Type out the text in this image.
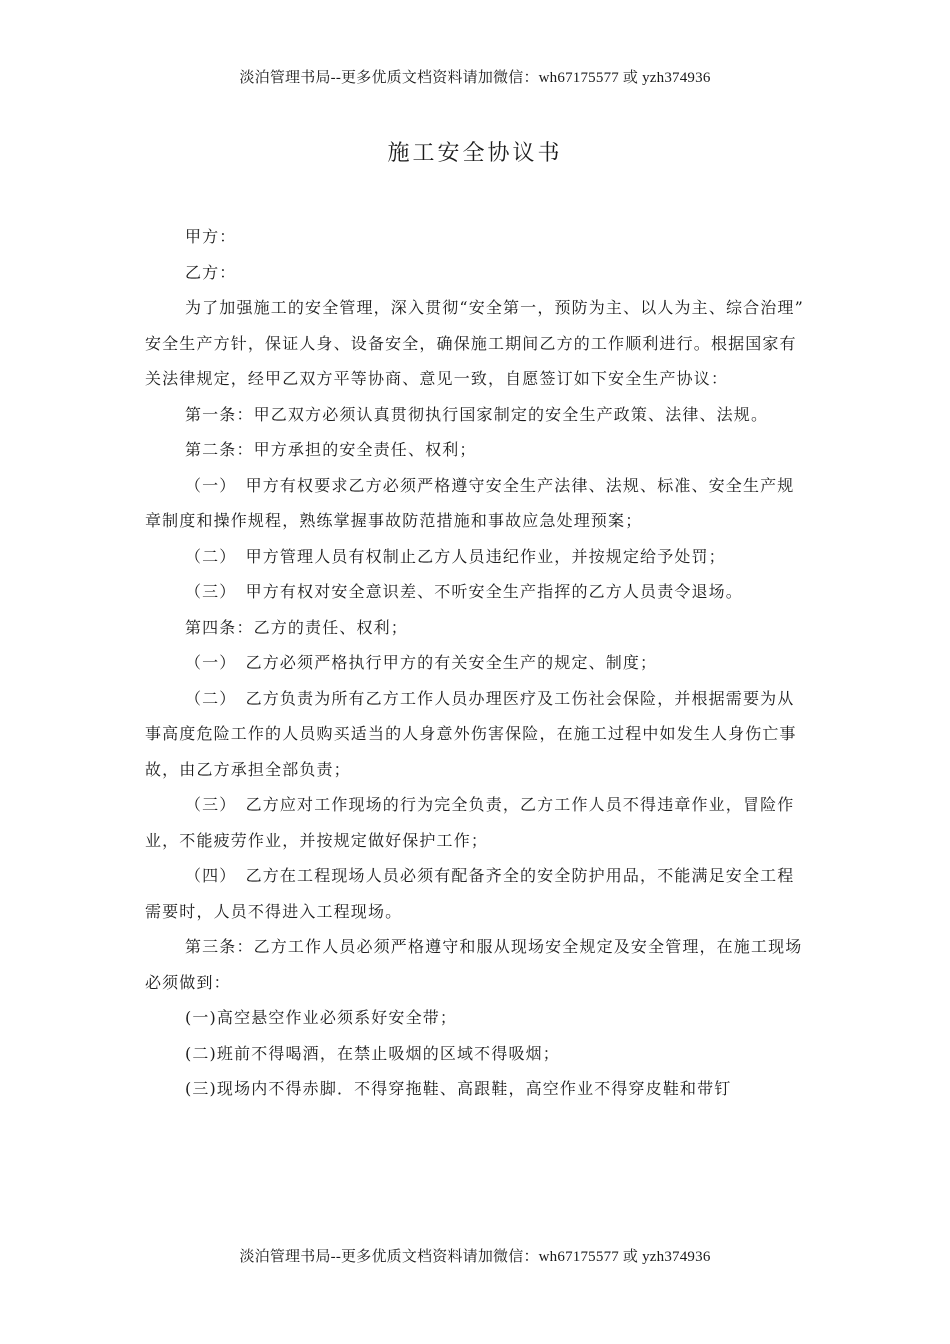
淡泊管理书局--更多优质文档资料请加微信：wh67175577 或 yzh374936
施工安全协议书

甲方：

乙方：

为了加强施工的安全管理，深入贯彻“安全第一，预防为主、以人为主、综合治理”

安全生产方针，保证人身、设备安全，确保施工期间乙方的工作顺利进行。根据国家有关法律规定，经甲乙双方平等协商、意见一致，自愿签订如下安全生产协议：

第一条：甲乙双方必须认真贯彻执行国家制定的安全生产政策、法律、法规。

第二条：甲方承担的安全责任、权利；

（一）　甲方有权要求乙方必须严格遵守安全生产法律、法规、标准、安全生产规章制度和操作规程，熟练掌握事故防范措施和事故应急处理预案；

（二）　甲方管理人员有权制止乙方人员违纪作业，并按规定给予处罚；

（三）　甲方有权对安全意识差、不听安全生产指挥的乙方人员责令退场。

第四条：乙方的责任、权利；

（一）　乙方必须严格执行甲方的有关安全生产的规定、制度；

（二）　乙方负责为所有乙方工作人员办理医疗及工伤社会保险，并根据需要为从事高度危险工作的人员购买适当的人身意外伤害保险，在施工过程中如发生人身伤亡事故，由乙方承担全部负责；

（三）　乙方应对工作现场的行为完全负责，乙方工作人员不得违章作业，冒险作业，不能疲劳作业，并按规定做好保护工作；

（四）　乙方在工程现场人员必须有配备齐全的安全防护用品，不能满足安全工程需要时，人员不得进入工程现场。

第三条：乙方工作人员必须严格遵守和服从现场安全规定及安全管理，在施工现场必须做到：

(一)高空悬空作业必须系好安全带；

(二)班前不得喝酒，在禁止吸烟的区域不得吸烟；

(三)现场内不得赤脚．不得穿拖鞋、高跟鞋，高空作业不得穿皮鞋和带钉

淡泊管理书局--更多优质文档资料请加微信：wh67175577 或 yzh374936
